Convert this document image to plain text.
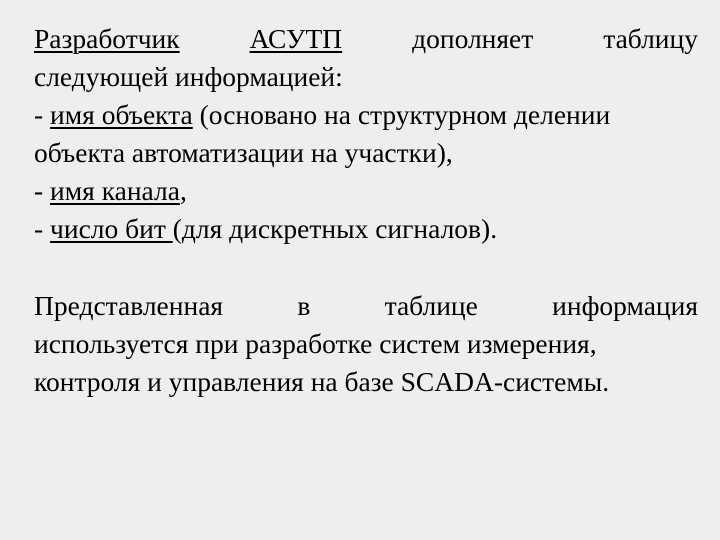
Разработчик	АСУТП	дополняет	таблицу
следующей информацией:
- имя объекта (основано на структурном делении
объекта автоматизации на участки),
- имя канала,
- число бит (для дискретных сигналов).
Представленная	в	таблице	информация
используется при разработке систем измерения,
контроля и управления на базе SCADA-системы.
